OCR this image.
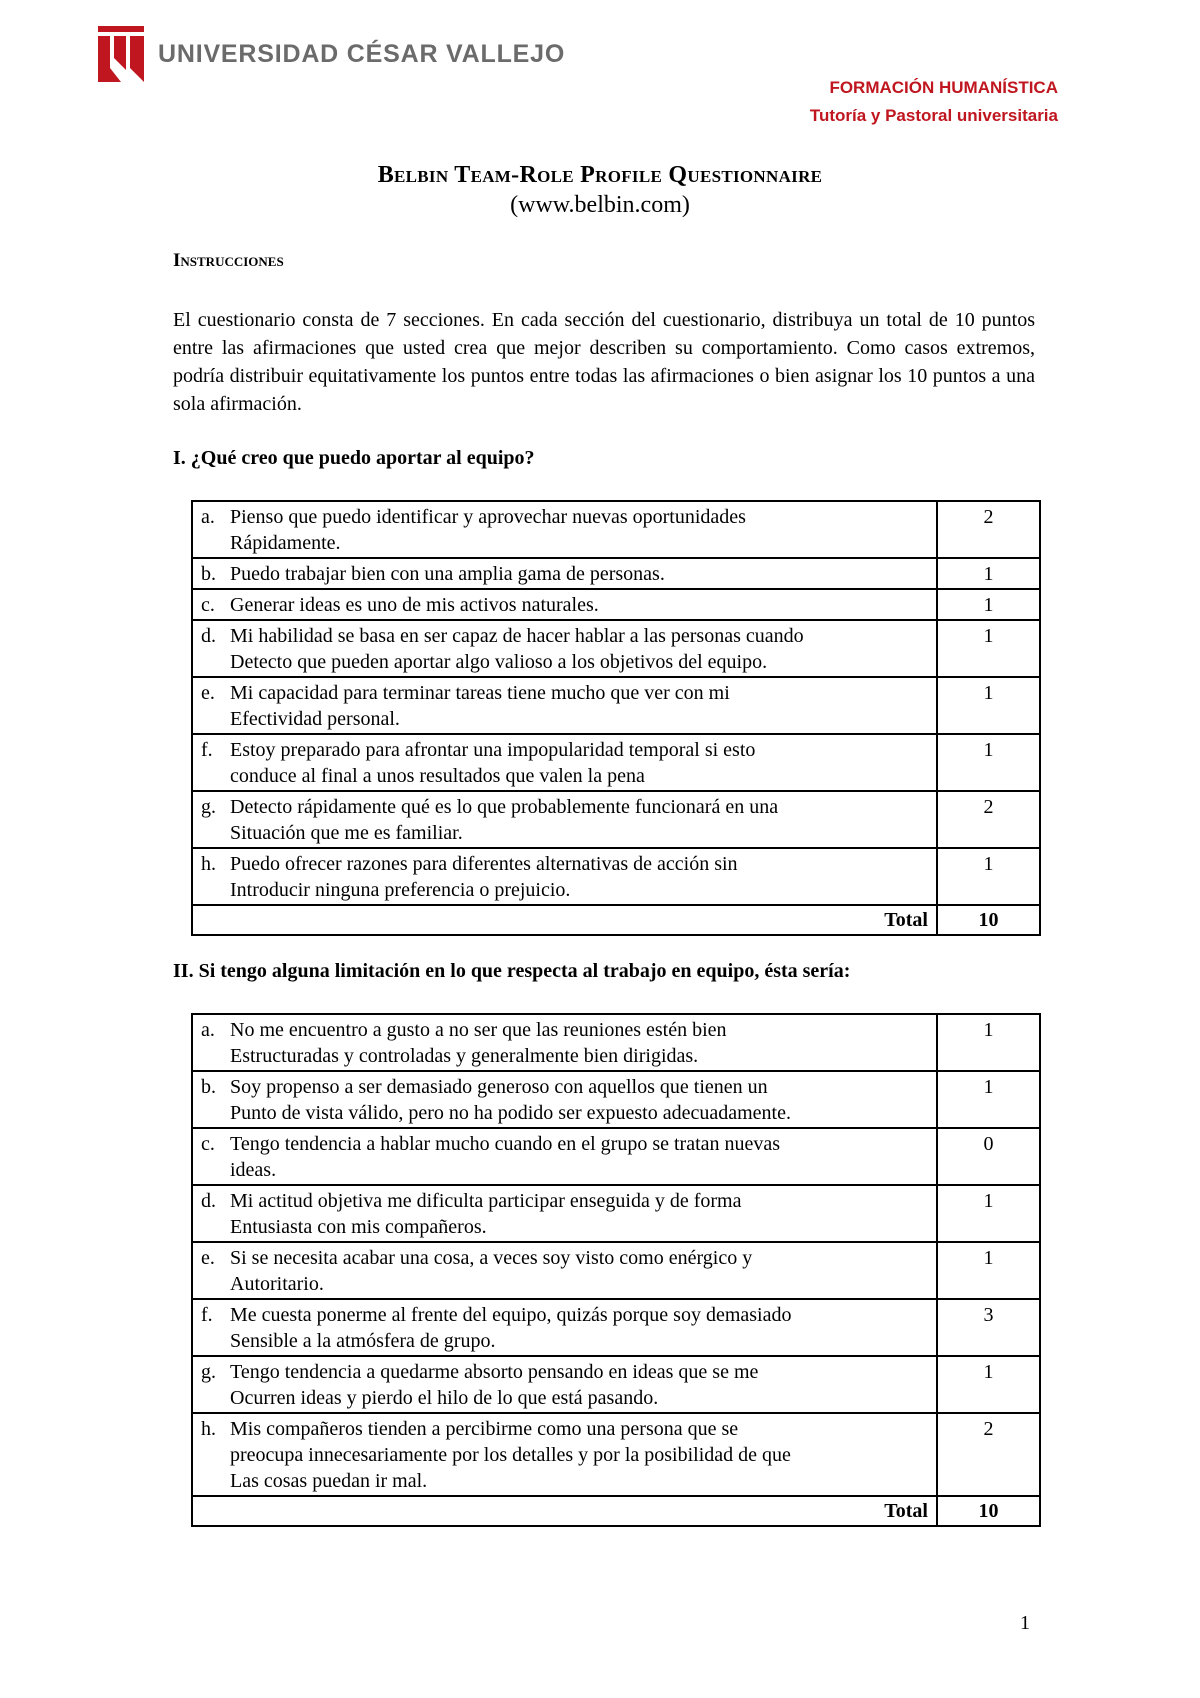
UNIVERSIDAD CÉSAR VALLEJO
FORMACIÓN HUMANÍSTICA
Tutoría y Pastoral universitaria
Belbin Team-Role Profile Questionnaire
(www.belbin.com)
Instrucciones
El cuestionario consta de 7 secciones. En cada sección del cuestionario, distribuya un total de 10 puntos entre las afirmaciones que usted crea que mejor describen su comportamiento. Como casos extremos, podría distribuir equitativamente los puntos entre todas las afirmaciones o bien asignar los 10 puntos a una sola afirmación.
I. ¿Qué creo que puedo aportar al equipo?
a. Pienso que puedo identificar y aprovechar nuevas oportunidades
Rápidamente.	2

b. Puedo trabajar bien con una amplia gama de personas.	1

c. Generar ideas es uno de mis activos naturales.	1

d. Mi habilidad se basa en ser capaz de hacer hablar a las personas cuando
Detecto que pueden aportar algo valioso a los objetivos del equipo.	1

e. Mi capacidad para terminar tareas tiene mucho que ver con mi
Efectividad personal.	1

f. Estoy preparado para afrontar una impopularidad temporal si esto
conduce al final a unos resultados que valen la pena	1

g. Detecto rápidamente qué es lo que probablemente funcionará en una
Situación que me es familiar.	2

h. Puedo ofrecer razones para diferentes alternativas de acción sin
Introducir ninguna preferencia o prejuicio.	1
Total	10
II. Si tengo alguna limitación en lo que respecta al trabajo en equipo, ésta sería:
a. No me encuentro a gusto a no ser que las reuniones estén bien
Estructuradas y controladas y generalmente bien dirigidas.	1

b. Soy propenso a ser demasiado generoso con aquellos que tienen un
Punto de vista válido, pero no ha podido ser expuesto adecuadamente.	1

c. Tengo tendencia a hablar mucho cuando en el grupo se tratan nuevas
ideas.	0

d. Mi actitud objetiva me dificulta participar enseguida y de forma
Entusiasta con mis compañeros.	1

e. Si se necesita acabar una cosa, a veces soy visto como enérgico y
Autoritario.	1

f. Me cuesta ponerme al frente del equipo, quizás porque soy demasiado
Sensible a la atmósfera de grupo.	3

g. Tengo tendencia a quedarme absorto pensando en ideas que se me
Ocurren ideas y pierdo el hilo de lo que está pasando.	1

h. Mis compañeros tienden a percibirme como una persona que se
preocupa innecesariamente por los detalles y por la posibilidad de que
Las cosas puedan ir mal.	2
Total	10
1
